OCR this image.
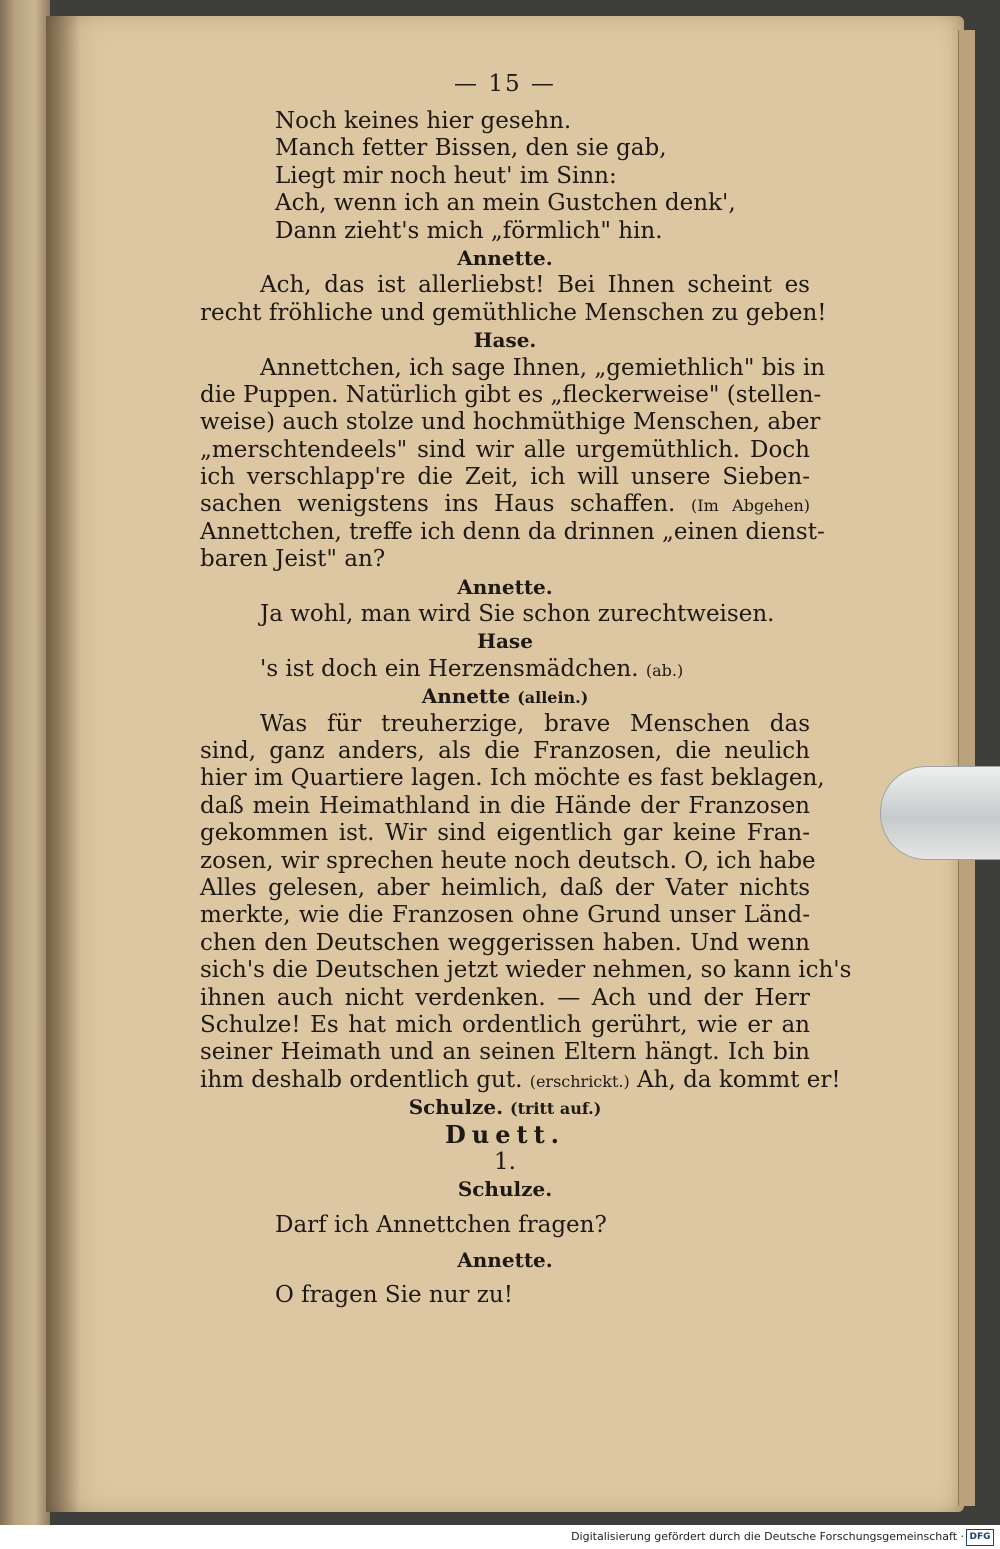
— 15 —
Noch keines hier gesehn.
Manch fetter Bissen, den sie gab,
Liegt mir noch heut' im Sinn:
Ach, wenn ich an mein Gustchen denk',
Dann zieht's mich „förmlich" hin.
Annette.
Ach, das ist allerliebst! Bei Ihnen scheint es
recht fröhliche und gemüthliche Menschen zu geben!
Hase.
Annettchen, ich sage Ihnen, „gemiethlich" bis in
die Puppen. Natürlich gibt es „fleckerweise" (stellen-
weise) auch stolze und hochmüthige Menschen, aber
„merschtendeels" sind wir alle urgemüthlich. Doch
ich verschlapp're die Zeit, ich will unsere Sieben-
sachen wenigstens ins Haus schaffen. (Im Abgehen)
Annettchen, treffe ich denn da drinnen „einen dienst-
baren Jeist" an?
Annette.
Ja wohl, man wird Sie schon zurechtweisen.
Hase
's ist doch ein Herzensmädchen. (ab.)
Annette (allein.)
Was für treuherzige, brave Menschen das
sind, ganz anders, als die Franzosen, die neulich
hier im Quartiere lagen. Ich möchte es fast beklagen,
daß mein Heimathland in die Hände der Franzosen
gekommen ist. Wir sind eigentlich gar keine Fran-
zosen, wir sprechen heute noch deutsch. O, ich habe
Alles gelesen, aber heimlich, daß der Vater nichts
merkte, wie die Franzosen ohne Grund unser Länd-
chen den Deutschen weggerissen haben. Und wenn
sich's die Deutschen jetzt wieder nehmen, so kann ich's
ihnen auch nicht verdenken. — Ach und der Herr
Schulze! Es hat mich ordentlich gerührt, wie er an
seiner Heimath und an seinen Eltern hängt. Ich bin
ihm deshalb ordentlich gut. (erschrickt.) Ah, da kommt er!
Schulze. (tritt auf.)
Duett.
1.
Schulze.
Darf ich Annettchen fragen?
Annette.
O fragen Sie nur zu!
Digitalisierung gefördert durch die Deutsche Forschungsgemeinschaft · DFG
